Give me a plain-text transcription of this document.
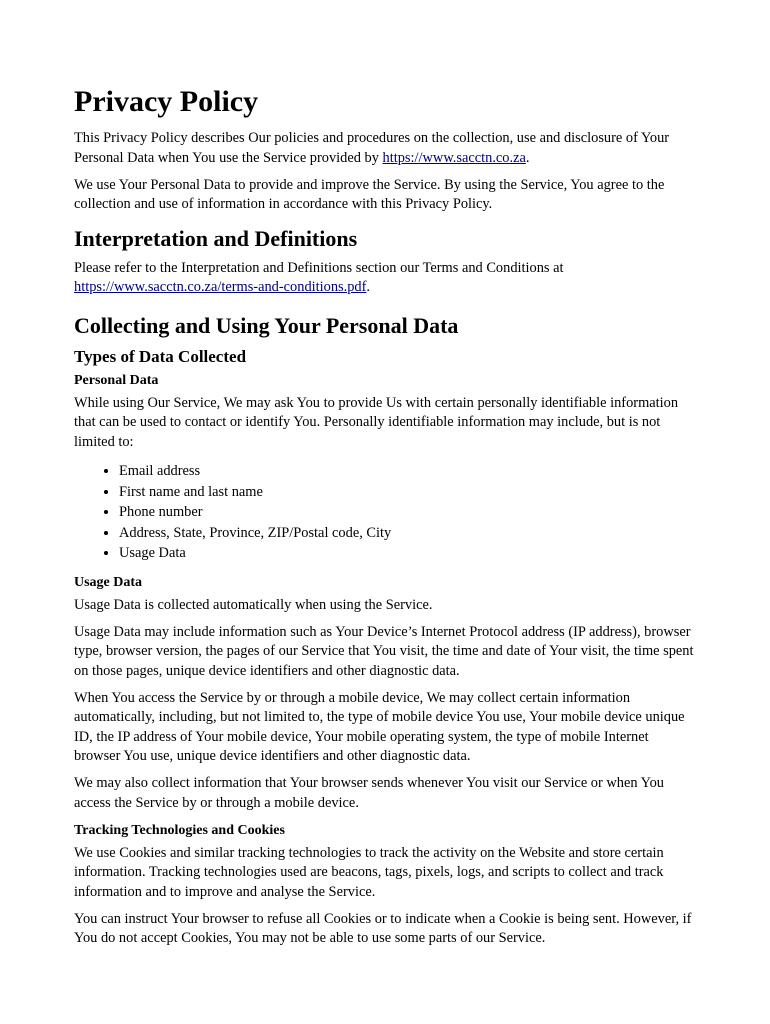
Privacy Policy

This Privacy Policy describes Our policies and procedures on the collection, use and disclosure of Your Personal Data when You use the Service provided by https://www.sacctn.co.za.

We use Your Personal Data to provide and improve the Service. By using the Service, You agree to the collection and use of information in accordance with this Privacy Policy.

Interpretation and Definitions

Please refer to the Interpretation and Definitions section our Terms and Conditions at
https://www.sacctn.co.za/terms-and-conditions.pdf.

Collecting and Using Your Personal Data
Types of Data Collected
Personal Data

While using Our Service, We may ask You to provide Us with certain personally identifiable information that can be used to contact or identify You. Personally identifiable information may include, but is not limited to:

• Email address
• First name and last name
• Phone number
• Address, State, Province, ZIP/Postal code, City
• Usage Data
Usage Data

Usage Data is collected automatically when using the Service.

Usage Data may include information such as Your Device’s Internet Protocol address (IP address), browser type, browser version, the pages of our Service that You visit, the time and date of Your visit, the time spent on those pages, unique device identifiers and other diagnostic data.

When You access the Service by or through a mobile device, We may collect certain information automatically, including, but not limited to, the type of mobile device You use, Your mobile device unique ID, the IP address of Your mobile device, Your mobile operating system, the type of mobile Internet browser You use, unique device identifiers and other diagnostic data.

We may also collect information that Your browser sends whenever You visit our Service or when You access the Service by or through a mobile device.

Tracking Technologies and Cookies

We use Cookies and similar tracking technologies to track the activity on the Website and store certain information. Tracking technologies used are beacons, tags, pixels, logs, and scripts to collect and track information and to improve and analyse the Service.

You can instruct Your browser to refuse all Cookies or to indicate when a Cookie is being sent. However, if You do not accept Cookies, You may not be able to use some parts of our Service.
